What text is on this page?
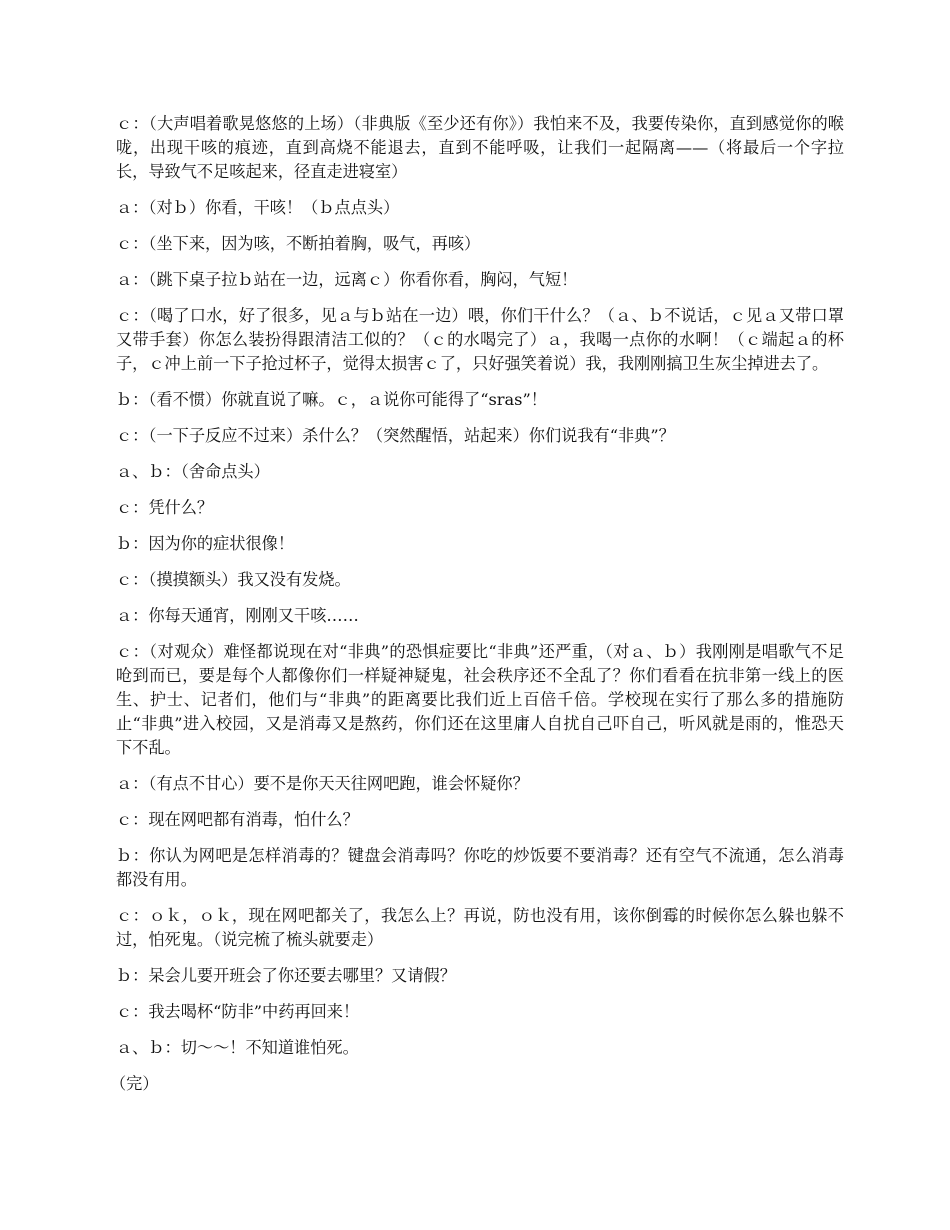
ｃ：（大声唱着歌晃悠悠的上场）（非典版《至少还有你》）我怕来不及，我要传染你，直到感觉你的喉咙，出现干咳的痕迹，直到高烧不能退去，直到不能呼吸，让我们一起隔离——（将最后一个字拉长，导致气不足咳起来，径直走进寝室）

ａ：（对ｂ）你看，干咳！（ｂ点点头）

ｃ：（坐下来，因为咳，不断拍着胸，吸气，再咳）

ａ：（跳下桌子拉ｂ站在一边，远离ｃ）你看你看，胸闷，气短！

ｃ：（喝了口水，好了很多，见ａ与ｂ站在一边）喂，你们干什么？（ａ、ｂ不说话，ｃ见ａ又带口罩又带手套）你怎么装扮得跟清洁工似的？（ｃ的水喝完了）ａ，我喝一点你的水啊！（ｃ端起ａ的杯子，ｃ冲上前一下子抢过杯子，觉得太损害ｃ了，只好强笑着说）我，我刚刚搞卫生灰尘掉进去了。

ｂ：（看不惯）你就直说了嘛。ｃ，ａ说你可能得了“sras”！

ｃ：（一下子反应不过来）杀什么？（突然醒悟，站起来）你们说我有“非典”？

ａ、ｂ：（舍命点头）

ｃ：凭什么？

ｂ：因为你的症状很像！

ｃ：（摸摸额头）我又没有发烧。

ａ：你每天通宵，刚刚又干咳……

ｃ：（对观众）难怪都说现在对“非典”的恐惧症要比“非典”还严重，（对ａ、ｂ）我刚刚是唱歌气不足呛到而已，要是每个人都像你们一样疑神疑鬼，社会秩序还不全乱了？你们看看在抗非第一线上的医生、护士、记者们，他们与“非典”的距离要比我们近上百倍千倍。学校现在实行了那么多的措施防止“非典”进入校园，又是消毒又是熬药，你们还在这里庸人自扰自己吓自己，听风就是雨的，惟恐天下不乱。

ａ：（有点不甘心）要不是你天天往网吧跑，谁会怀疑你？

ｃ：现在网吧都有消毒，怕什么？

ｂ：你认为网吧是怎样消毒的？键盘会消毒吗？你吃的炒饭要不要消毒？还有空气不流通，怎么消毒都没有用。

ｃ：ｏｋ，ｏｋ，现在网吧都关了，我怎么上？再说，防也没有用，该你倒霉的时候你怎么躲也躲不过，怕死鬼。（说完梳了梳头就要走）

ｂ：呆会儿要开班会了你还要去哪里？又请假？

ｃ：我去喝杯“防非”中药再回来！

ａ、ｂ：切～～！不知道谁怕死。

（完）
